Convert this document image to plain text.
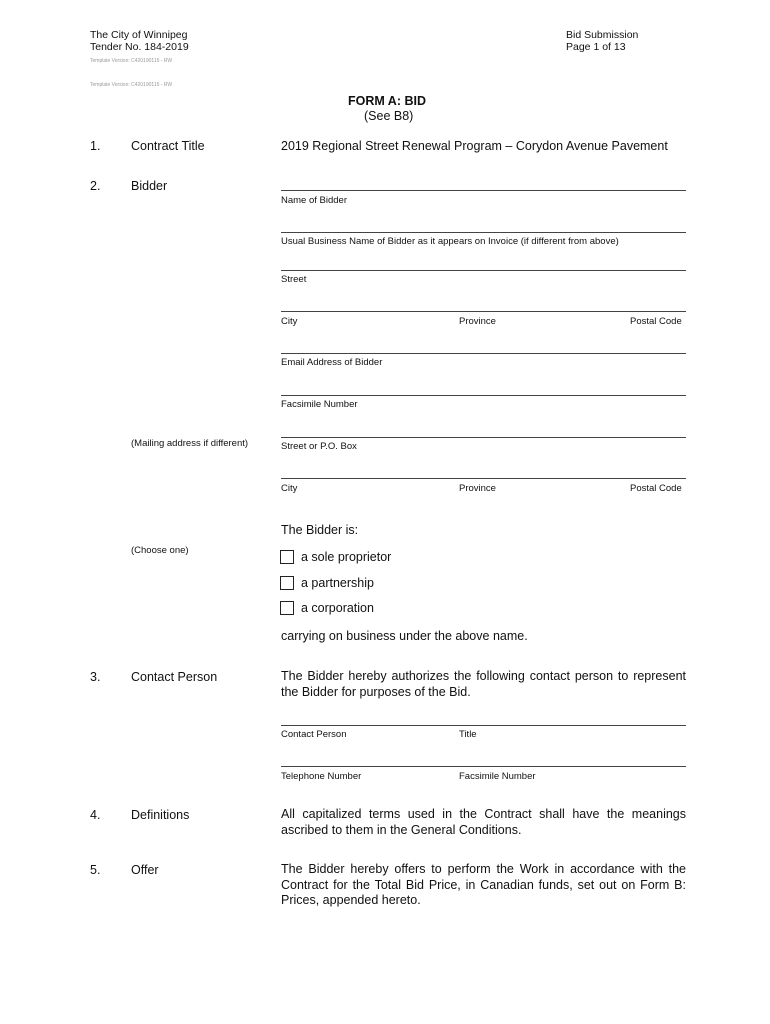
The City of Winnipeg
Tender No. 184-2019
Bid Submission
Page 1 of 13
Template Version: C420190115 - RW
Template Version: C420190115 - RW
FORM A: BID
(See B8)
1. Contract Title	2019 Regional Street Renewal Program – Corydon Avenue Pavement
2. Bidder
Name of Bidder
Usual Business Name of Bidder as it appears on Invoice (if different from above)
Street
City	Province	Postal Code
Email Address of Bidder
Facsimile Number
(Mailing address if different)	Street or P.O. Box
City	Province	Postal Code
The Bidder is:
(Choose one)	a sole proprietor
a partnership
a corporation
carrying on business under the above name.
3. Contact Person	The Bidder hereby authorizes the following contact person to represent the Bidder for purposes of the Bid.
Contact Person	Title
Telephone Number	Facsimile Number
4. Definitions	All capitalized terms used in the Contract shall have the meanings ascribed to them in the General Conditions.
5. Offer	The Bidder hereby offers to perform the Work in accordance with the Contract for the Total Bid Price, in Canadian funds, set out on Form B: Prices, appended hereto.
